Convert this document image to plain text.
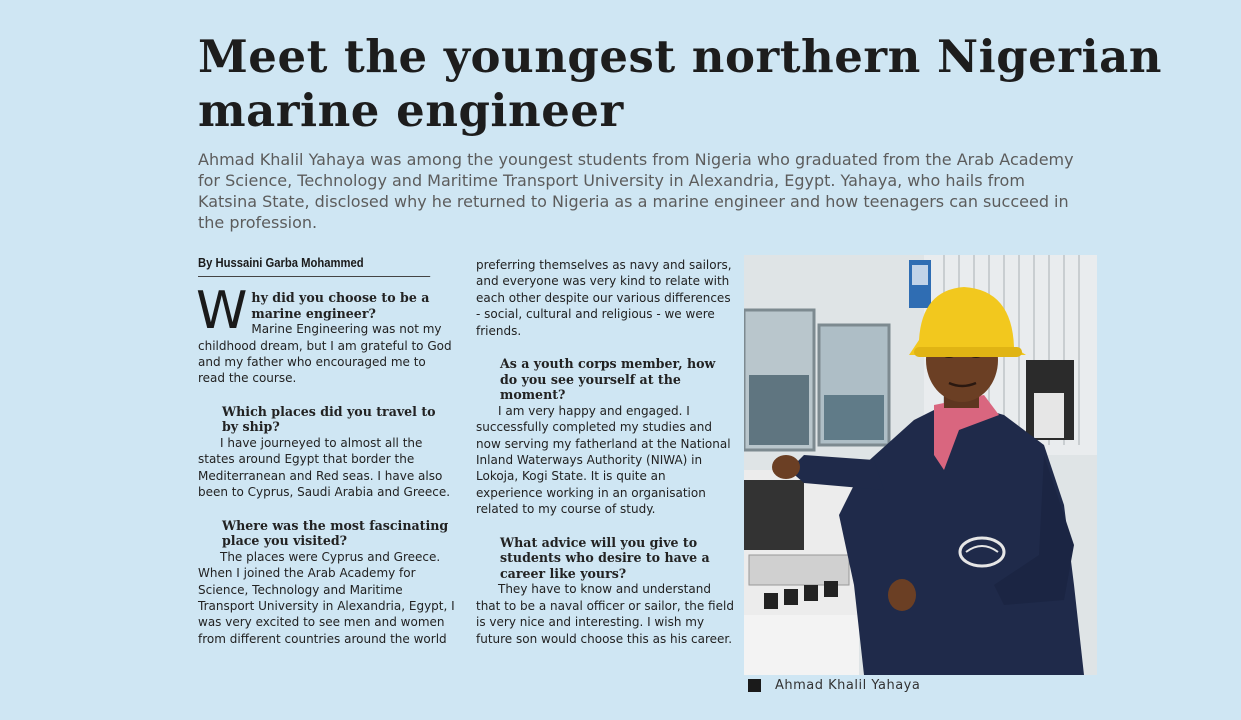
Meet the youngest northern Nigerian marine engineer

Ahmad Khalil Yahaya was among the youngest students from Nigeria who graduated from the Arab Academy for Science, Technology and Maritime Transport University in Alexandria, Egypt. Yahaya, who hails from Katsina State, disclosed why he returned to Nigeria as a marine engineer and how teenagers can succeed in the profession.

By Hussaini Garba Mohammed

Why did you choose to be a marine engineer?

Marine Engineering was not my childhood dream, but I am grateful to God and my father who encouraged me to read the course.

Which places did you travel to by ship?

I have journeyed to almost all the states around Egypt that border the Mediterranean and Red seas. I have also been to Cyprus, Saudi Arabia and Greece.

Where was the most fascinating place you visited?

The places were Cyprus and Greece. When I joined the Arab Academy for Science, Technology and Maritime Transport University in Alexandria, Egypt, I was very excited to see men and women from different countries around the world

preferring themselves as navy and sailors, and everyone was very kind to relate with each other despite our various differences - social, cultural and religious - we were friends.

As a youth corps member, how do you see yourself at the moment?

I am very happy and engaged. I successfully completed my studies and now serving my fatherland at the National Inland Waterways Authority (NIWA) in Lokoja, Kogi State. It is quite an experience working in an organisation related to my course of study.

What advice will you give to students who desire to have a career like yours?

They have to know and understand that to be a naval officer or sailor, the field is very nice and interesting. I wish my future son would choose this as his career.

Ahmad Khalil Yahaya
